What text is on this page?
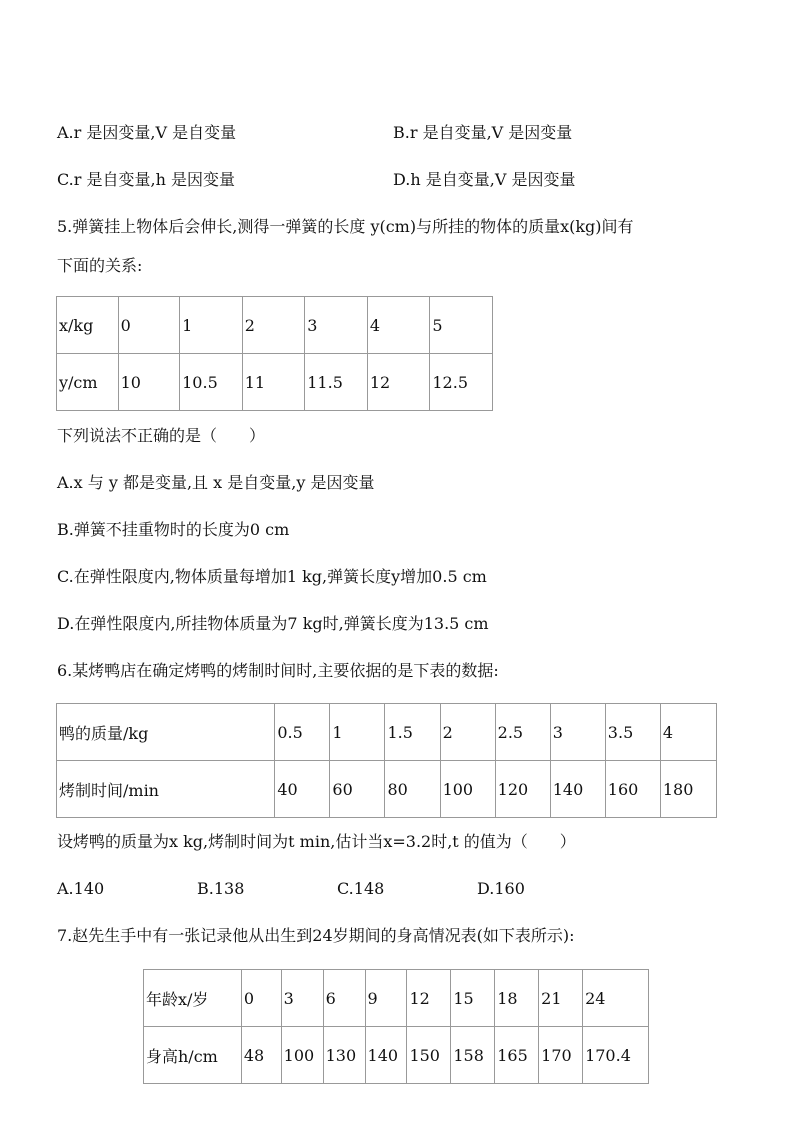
A.r 是因变量,V 是自变量	B.r 是自变量,V 是因变量
C.r 是自变量,h 是因变量	D.h 是自变量,V 是因变量
5.弹簧挂上物体后会伸长,测得一弹簧的长度 y(cm)与所挂的物体的质量x(kg)间有
下面的关系:
x/kg	0	1	2	3	4	5
y/cm	10	10.5	11	11.5	12	12.5
下列说法不正确的是（　　）
A.x 与 y 都是变量,且 x 是自变量,y 是因变量
B.弹簧不挂重物时的长度为0 cm
C.在弹性限度内,物体质量每增加1 kg,弹簧长度y增加0.5 cm
D.在弹性限度内,所挂物体质量为7 kg时,弹簧长度为13.5 cm
6.某烤鸭店在确定烤鸭的烤制时间时,主要依据的是下表的数据:
鸭的质量/kg	0.5	1	1.5	2	2.5	3	3.5	4
烤制时间/min	40	60	80	100	120	140	160	180
设烤鸭的质量为x kg,烤制时间为t min,估计当x=3.2时,t 的值为（　　）
A.140	B.138	C.148	D.160
7.赵先生手中有一张记录他从出生到24岁期间的身高情况表(如下表所示):
年龄x/岁	0	3	6	9	12	15	18	21	24
身高h/cm	48	100	130	140	150	158	165	170	170.4
